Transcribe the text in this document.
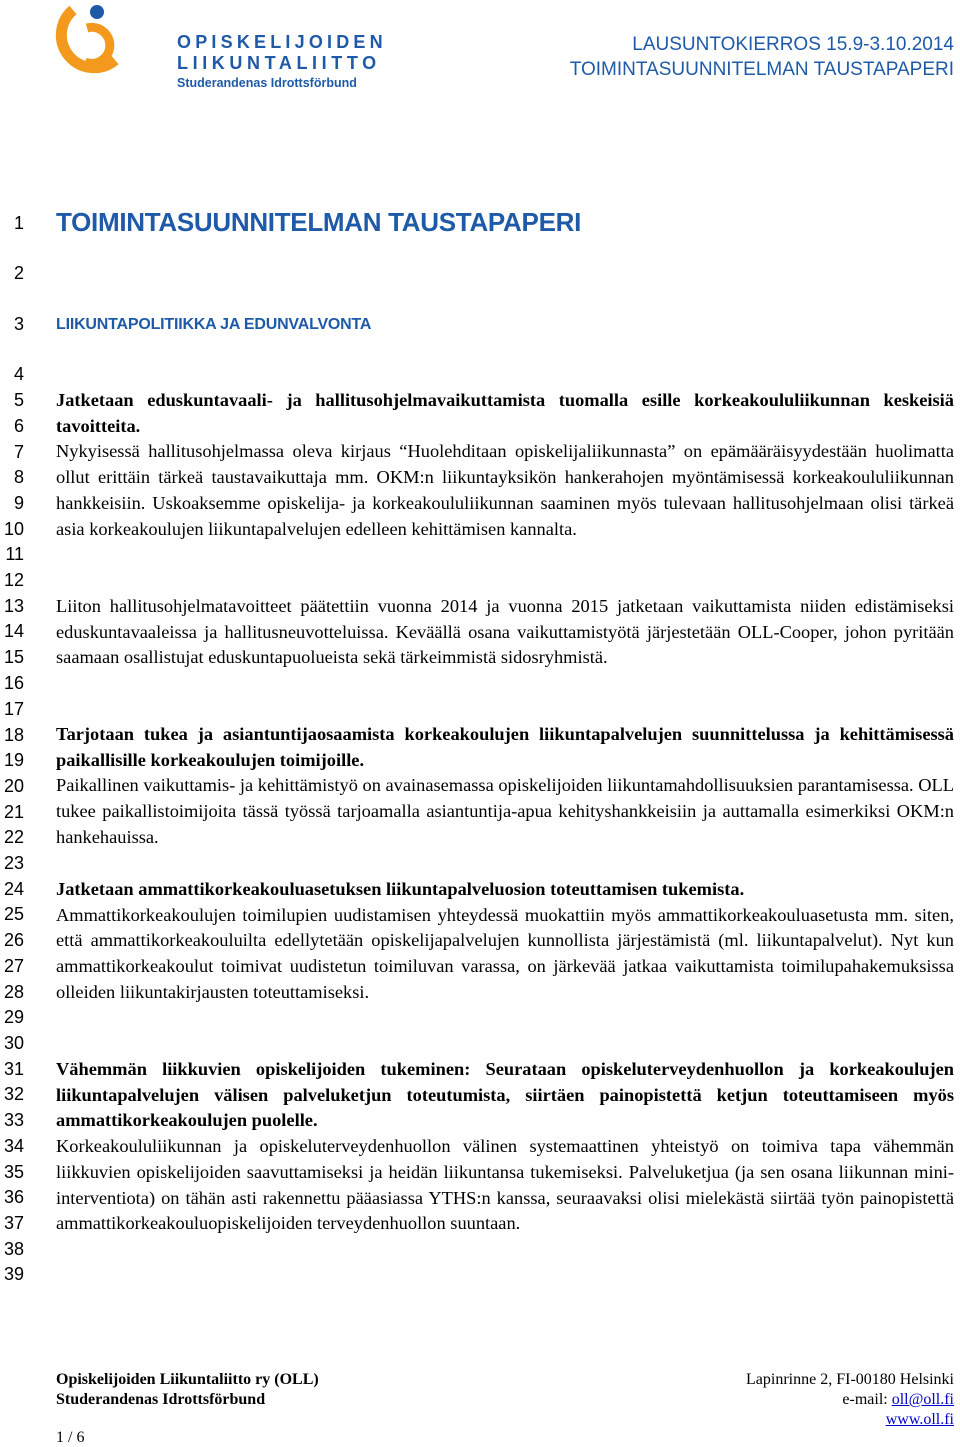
OPISKELIJOIDEN
LIIKUNTALIITTO
Studerandenas Idrottsförbund
LAUSUNTOKIERROS 15.9-3.10.2014
TOIMINTASUUNNITELMAN TAUSTAPAPERI
1
2
3
4
5
6
7
8
9
10
11
12
13
14
15
16
17
18
19
20
21
22
23
24
25
26
27
28
29
30
31
32
33
34
35
36
37
38
39
TOIMINTASUUNNITELMAN TAUSTAPAPERI
LIIKUNTAPOLITIIKKA JA EDUNVALVONTA
Jatketaan eduskuntavaali- ja hallitusohjelmavaikuttamista tuomalla esille korkeakoululiikunnan keskeisiä tavoitteita.
Nykyisessä hallitusohjelmassa oleva kirjaus “Huolehditaan opiskelijaliikunnasta” on epämääräisyydestään huolimatta ollut erittäin tärkeä taustavaikuttaja mm. OKM:n liikuntayksikön hankerahojen myöntämisessä korkeakoululiikunnan hankkeisiin. Uskoaksemme opiskelija- ja korkeakoululiikunnan saaminen myös tulevaan hallitusohjelmaan olisi tärkeä asia korkeakoulujen liikuntapalvelujen edelleen kehittämisen kannalta.
Liiton hallitusohjelmatavoitteet päätettiin vuonna 2014 ja vuonna 2015 jatketaan vaikuttamista niiden edistämiseksi eduskuntavaaleissa ja hallitusneuvotteluissa. Keväällä osana vaikuttamistyötä järjestetään OLL-Cooper, johon pyritään saamaan osallistujat eduskuntapuolueista sekä tärkeimmistä sidosryhmistä.
Tarjotaan tukea ja asiantuntijaosaamista korkeakoulujen liikuntapalvelujen suunnittelussa ja kehittämisessä paikallisille korkeakoulujen toimijoille.
Paikallinen vaikuttamis- ja kehittämistyö on avainasemassa opiskelijoiden liikuntamahdollisuuksien parantamisessa. OLL tukee paikallistoimijoita tässä työssä tarjoamalla asiantuntija-apua kehityshankkeisiin ja auttamalla esimerkiksi OKM:n hankehauissa.
Jatketaan ammattikorkeakouluasetuksen liikuntapalveluosion toteuttamisen tukemista.
Ammattikorkeakoulujen toimilupien uudistamisen yhteydessä muokattiin myös ammattikorkeakouluasetusta mm. siten, että ammattikorkeakouluilta edellytetään opiskelijapalvelujen kunnollista järjestämistä (ml. liikuntapalvelut). Nyt kun ammattikorkeakoulut toimivat uudistetun toimiluvan varassa, on järkevää jatkaa vaikuttamista toimilupahakemuksissa olleiden liikuntakirjausten toteuttamiseksi.
Vähemmän liikkuvien opiskelijoiden tukeminen: Seurataan opiskeluterveydenhuollon ja korkeakoulujen liikuntapalvelujen välisen palveluketjun toteutumista, siirtäen painopistettä ketjun toteuttamiseen myös ammattikorkeakoulujen puolelle.
Korkeakoululiikunnan ja opiskeluterveydenhuollon välinen systemaattinen yhteistyö on toimiva tapa vähemmän liikkuvien opiskelijoiden saavuttamiseksi ja heidän liikuntansa tukemiseksi. Palveluketjua (ja sen osana liikunnan mini-interventiota) on tähän asti rakennettu pääasiassa YTHS:n kanssa, seuraavaksi olisi mielekästä siirtää työn painopistettä ammattikorkeakouluopiskelijoiden terveydenhuollon suuntaan.
Opiskelijoiden Liikuntaliitto ry (OLL)
Studerandenas Idrottsförbund
Lapinrinne 2, FI-00180 Helsinki
e-mail: oll@oll.fi
www.oll.fi
1 / 6
